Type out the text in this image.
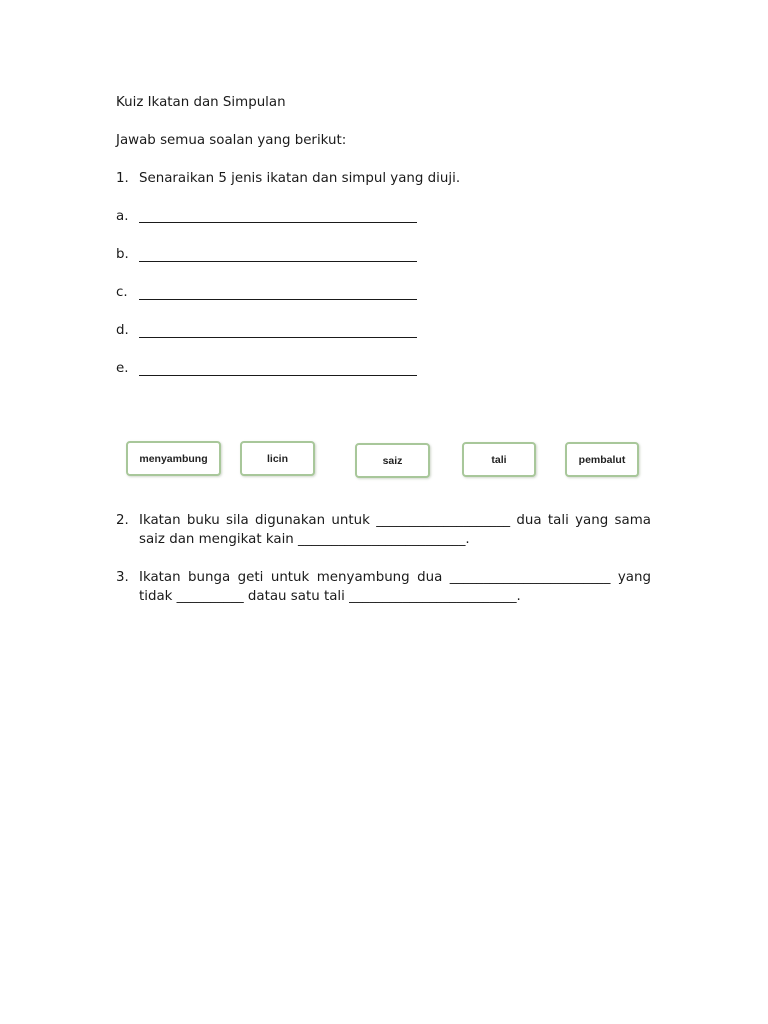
Kuiz Ikatan dan Simpulan
Jawab semua soalan yang berikut:
1. Senaraikan 5 jenis ikatan dan simpul yang diuji.
a.
b.
c.
d.
e.
menyambung	licin	saiz	tali	pembalut
2. Ikatan buku sila digunakan untuk ____________________ dua tali yang sama
saiz dan mengikat kain _________________________.
3. Ikatan bunga geti untuk menyambung dua ________________________ yang
tidak __________ datau satu tali _________________________.
